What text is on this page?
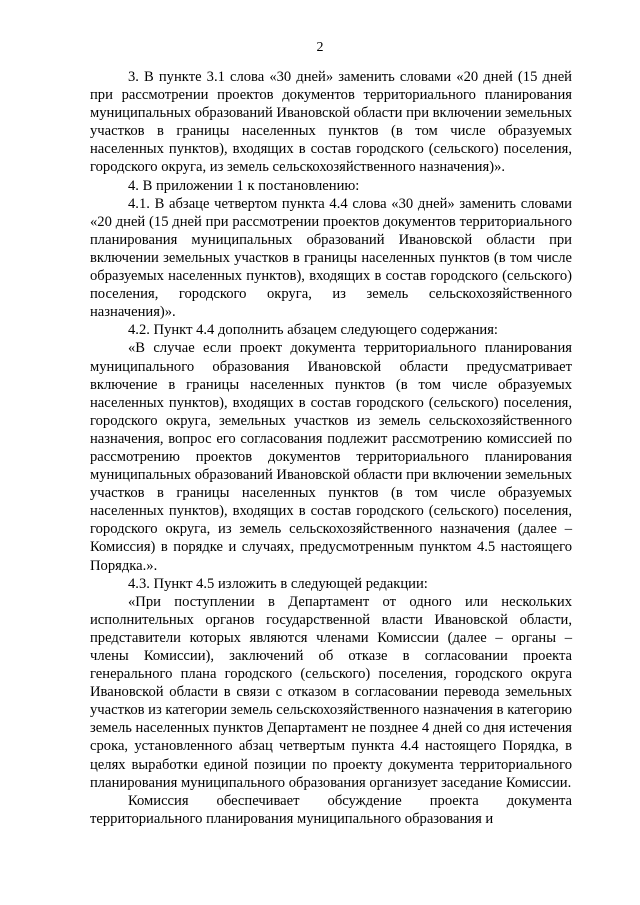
2

3. В пункте 3.1 слова «30 дней» заменить словами «20 дней (15 дней при рассмотрении проектов документов территориального планирования муниципальных образований Ивановской области при включении земельных участков в границы населенных пунктов (в том числе образуемых населенных пунктов), входящих в состав городского (сельского) поселения, городского округа, из земель сельскохозяйственного назначения)».

4. В приложении 1 к постановлению:

4.1. В абзаце четвертом пункта 4.4 слова «30 дней» заменить словами «20 дней (15 дней при рассмотрении проектов документов территориального планирования муниципальных образований Ивановской области при включении земельных участков в границы населенных пунктов (в том числе образуемых населенных пунктов), входящих в состав городского (сельского) поселения, городского округа, из земель сельскохозяйственного назначения)».

4.2. Пункт 4.4 дополнить абзацем следующего содержания:

«В случае если проект документа территориального планирования муниципального образования Ивановской области предусматривает включение в границы населенных пунктов (в том числе образуемых населенных пунктов), входящих в состав городского (сельского) поселения, городского округа, земельных участков из земель сельскохозяйственного назначения, вопрос его согласования подлежит рассмотрению комиссией по рассмотрению проектов документов территориального планирования муниципальных образований Ивановской области при включении земельных участков в границы населенных пунктов (в том числе образуемых населенных пунктов), входящих в состав городского (сельского) поселения, городского округа, из земель сельскохозяйственного назначения (далее – Комиссия) в порядке и случаях, предусмотренным пунктом 4.5 настоящего Порядка.».

4.3. Пункт 4.5 изложить в следующей редакции:

«При поступлении в Департамент от одного или нескольких исполнительных органов государственной власти Ивановской области, представители которых являются членами Комиссии (далее – органы – члены Комиссии), заключений об отказе в согласовании проекта генерального плана городского (сельского) поселения, городского округа Ивановской области в связи с отказом в согласовании перевода земельных участков из категории земель сельскохозяйственного назначения в категорию земель населенных пунктов Департамент не позднее 4 дней со дня истечения срока, установленного абзац четвертым пункта 4.4 настоящего Порядка, в целях выработки единой позиции по проекту документа территориального планирования муниципального образования организует заседание Комиссии.

Комиссия обеспечивает обсуждение проекта документа территориального планирования муниципального образования и
